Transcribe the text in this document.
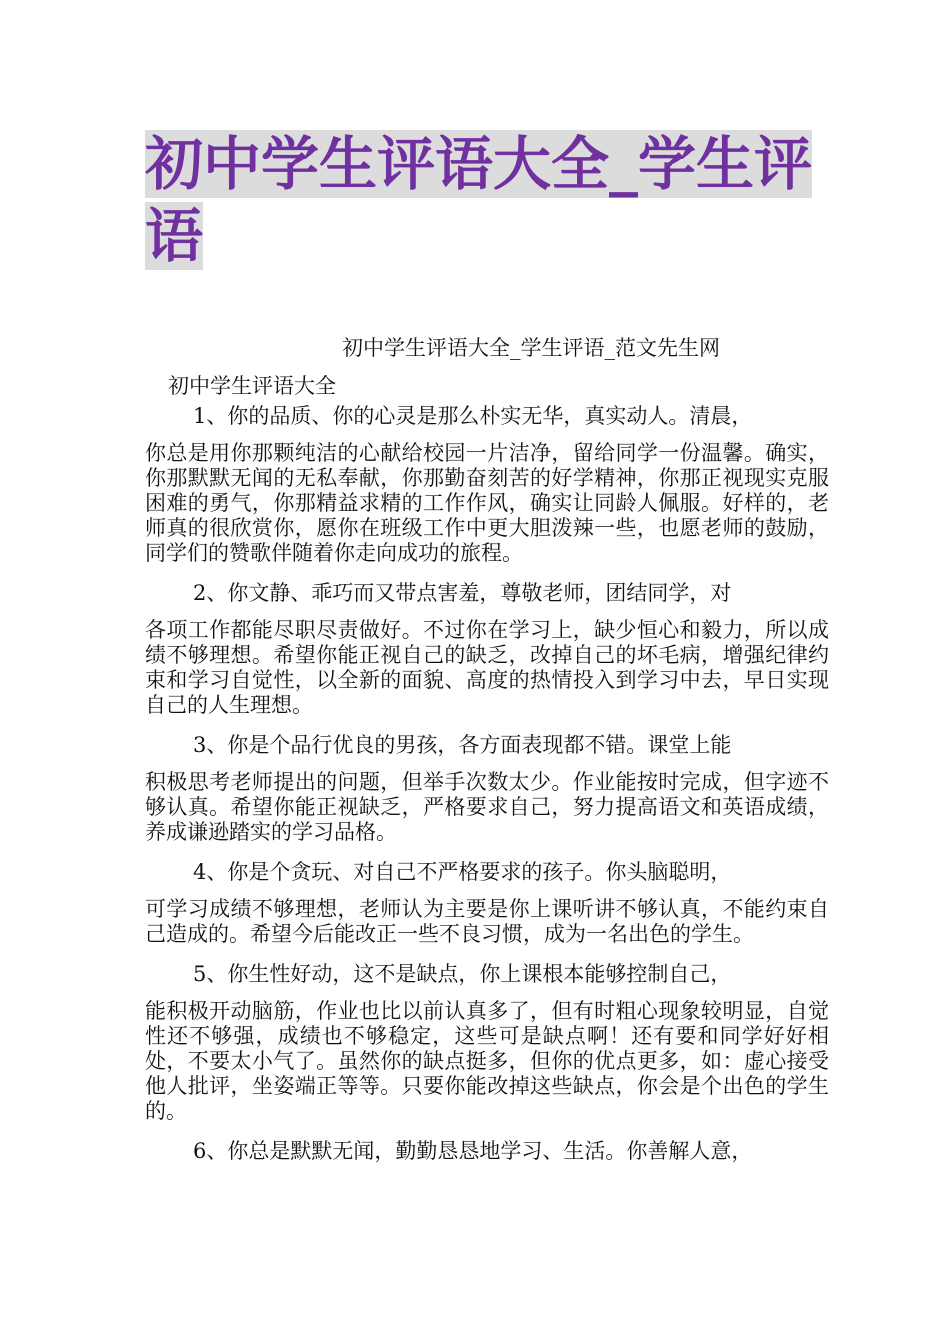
初中学生评语大全_学生评语
初中学生评语大全_学生评语_范文先生网
初中学生评语大全

1、你的品质、你的心灵是那么朴实无华，真实动人。清晨，
你总是用你那颗纯洁的心献给校园一片洁净，留给同学一份温馨。确实，你那默默无闻的无私奉献，你那勤奋刻苦的好学精神，你那正视现实克服困难的勇气，你那精益求精的工作作风，确实让同龄人佩服。好样的，老师真的很欣赏你，愿你在班级工作中更大胆泼辣一些，也愿老师的鼓励，同学们的赞歌伴随着你走向成功的旅程。

2、你文静、乖巧而又带点害羞，尊敬老师，团结同学，对
各项工作都能尽职尽责做好。不过你在学习上，缺少恒心和毅力，所以成绩不够理想。希望你能正视自己的缺乏，改掉自己的坏毛病，增强纪律约束和学习自觉性，以全新的面貌、高度的热情投入到学习中去，早日实现自己的人生理想。

3、你是个品行优良的男孩，各方面表现都不错。课堂上能
积极思考老师提出的问题，但举手次数太少。作业能按时完成，但字迹不够认真。希望你能正视缺乏，严格要求自己，努力提高语文和英语成绩，养成谦逊踏实的学习品格。

4、你是个贪玩、对自己不严格要求的孩子。你头脑聪明，
可学习成绩不够理想，老师认为主要是你上课听讲不够认真，不能约束自己造成的。希望今后能改正一些不良习惯，成为一名出色的学生。

5、你生性好动，这不是缺点，你上课根本能够控制自己，
能积极开动脑筋，作业也比以前认真多了，但有时粗心现象较明显，自觉性还不够强，成绩也不够稳定，这些可是缺点啊！还有要和同学好好相处，不要太小气了。虽然你的缺点挺多，但你的优点更多，如：虚心接受他人批评，坐姿端正等等。只要你能改掉这些缺点，你会是个出色的学生的。

6、你总是默默无闻，勤勤恳恳地学习、生活。你善解人意，
